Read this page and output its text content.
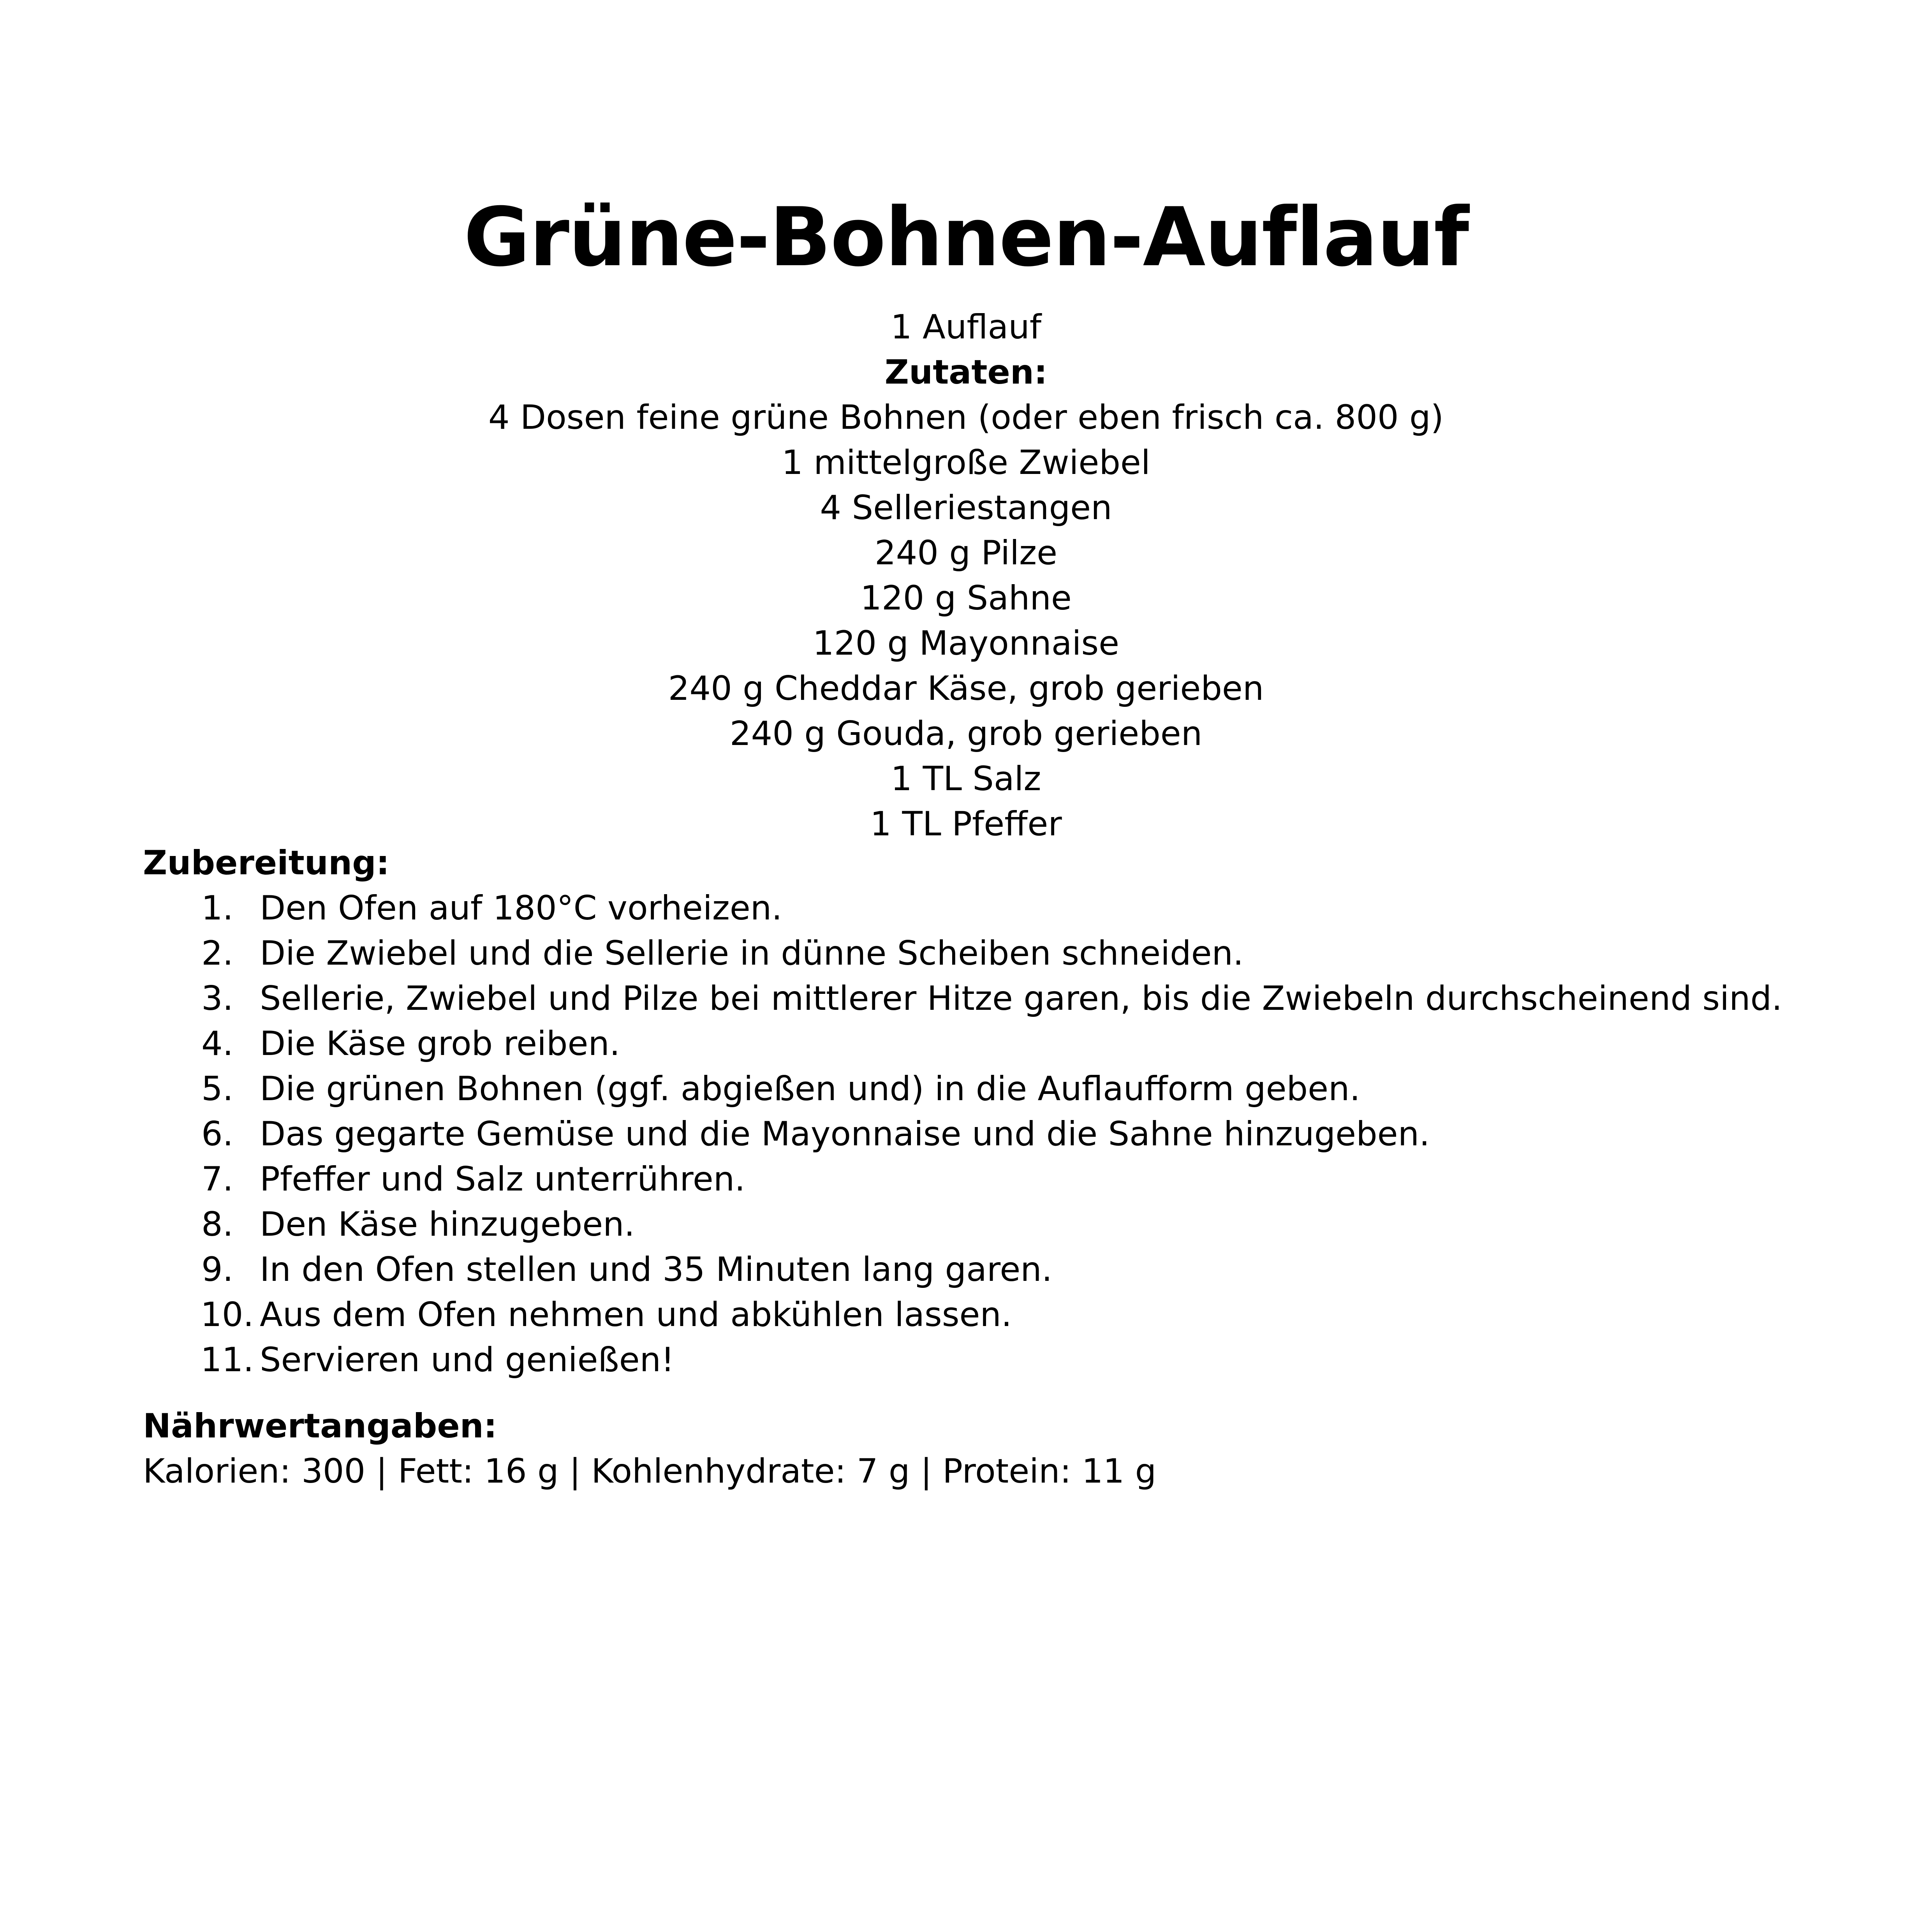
Grüne-Bohnen-Auflauf
1 Auflauf
Zutaten:
4 Dosen feine grüne Bohnen (oder eben frisch ca. 800 g)
1 mittelgroße Zwiebel
4 Selleriestangen
240 g Pilze
120 g Sahne
120 g Mayonnaise
240 g Cheddar Käse, grob gerieben
240 g Gouda, grob gerieben
1 TL Salz
1 TL Pfeffer
Zubereitung:
1. Den Ofen auf 180°C vorheizen.
2. Die Zwiebel und die Sellerie in dünne Scheiben schneiden.
3. Sellerie, Zwiebel und Pilze bei mittlerer Hitze garen, bis die Zwiebeln durchscheinend sind.
4. Die Käse grob reiben.
5. Die grünen Bohnen (ggf. abgießen und) in die Auflaufform geben.
6. Das gegarte Gemüse und die Mayonnaise und die Sahne hinzugeben.
7. Pfeffer und Salz unterrühren.
8. Den Käse hinzugeben.
9. In den Ofen stellen und 35 Minuten lang garen.
10. Aus dem Ofen nehmen und abkühlen lassen.
11. Servieren und genießen!
Nährwertangaben:
Kalorien: 300 | Fett: 16 g | Kohlenhydrate: 7 g | Protein: 11 g
